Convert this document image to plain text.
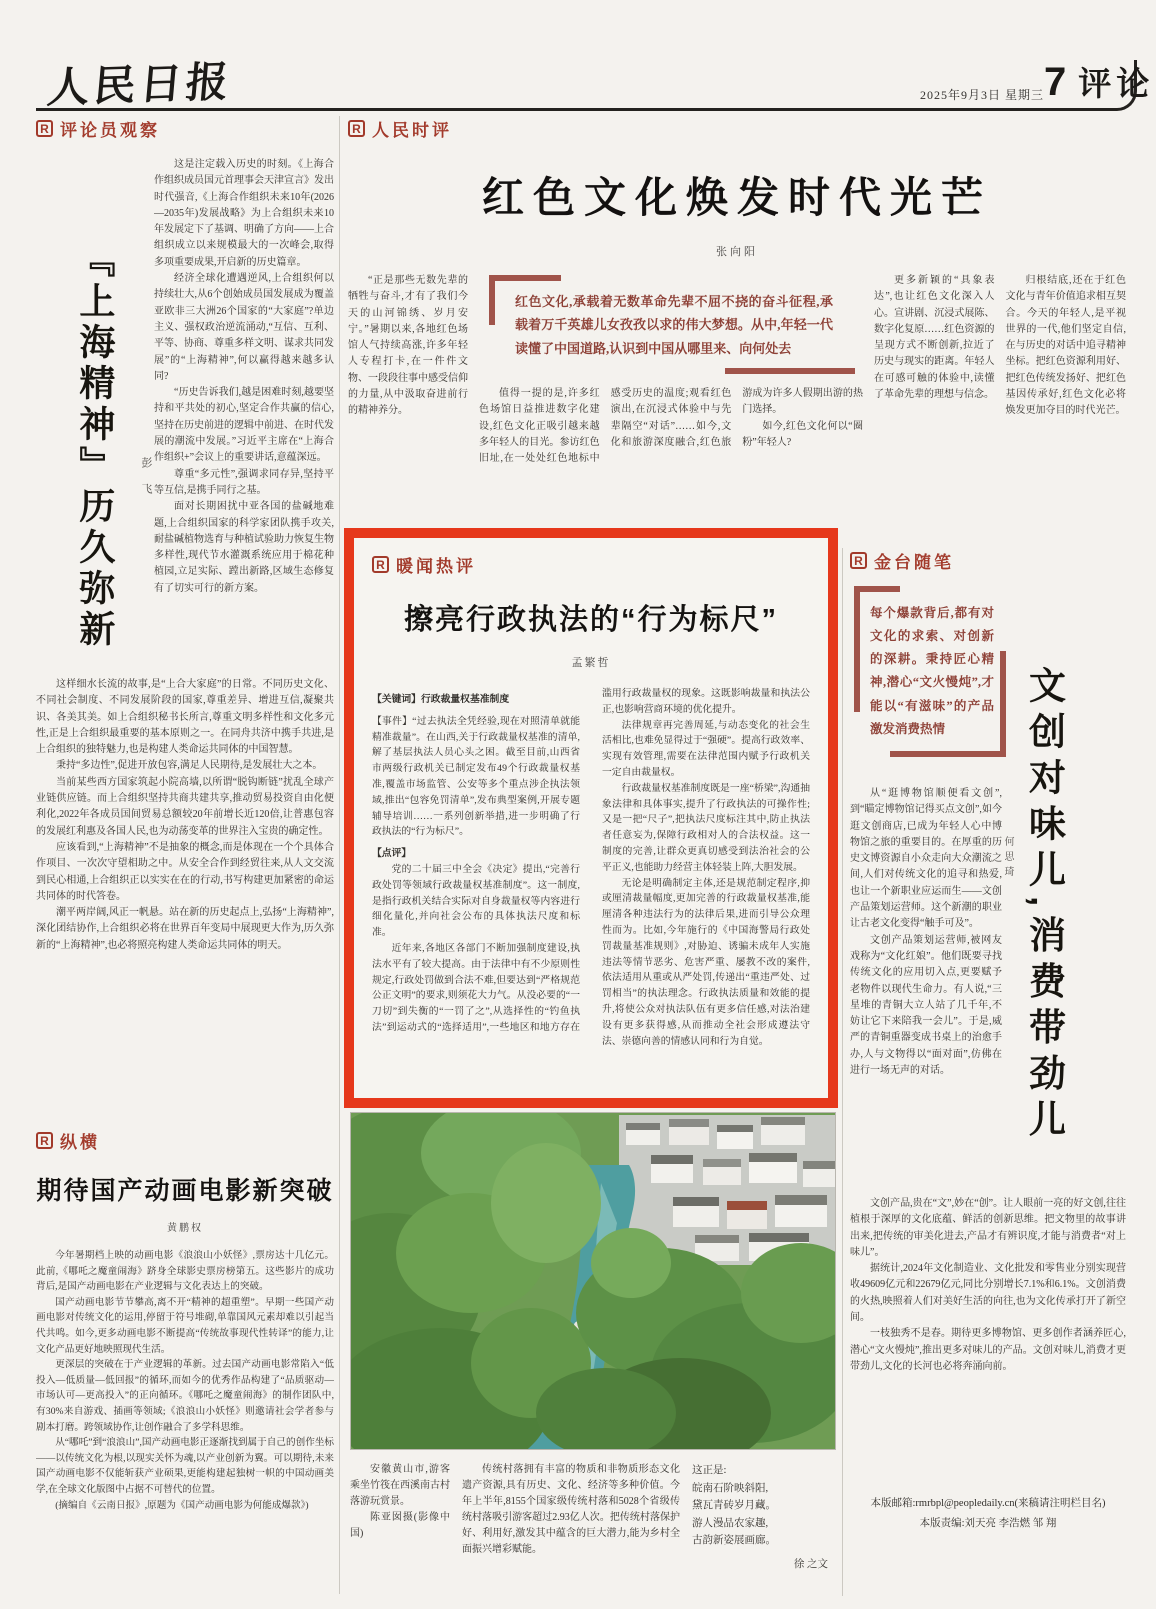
人民日报	2025年9月3日 星期三 7 评论
R 评论员观察
『上海精神』历久弥新 彭 飞

这是注定载入历史的时刻。《上海合作组织成员国元首理事会天津宣言》发出时代强音,《上海合作组织未来10年(2026—2035年)发展战略》为上合组织未来10年发展定下了基调、明确了方向——上合组织成立以来规模最大的一次峰会,取得多项重要成果,开启新的历史篇章。

经济全球化遭遇逆风,上合组织何以持续壮大,从6个创始成员国发展成为覆盖亚欧非三大洲26个国家的“大家庭”?单边主义、强权政治逆流涌动,“互信、互利、平等、协商、尊重多样文明、谋求共同发展”的“上海精神”,何以赢得越来越多认同?

“历史告诉我们,越是困难时刻,越要坚持和平共处的初心,坚定合作共赢的信心,坚持在历史前进的逻辑中前进、在时代发展的潮流中发展。”习近平主席在“上海合作组织+”会议上的重要讲话,意蕴深远。

尊重“多元性”,强调求同存异,坚持平等互信,是携手同行之基。

面对长期困扰中亚各国的盐碱地难题,上合组织国家的科学家团队携手攻关,耐盐碱植物选育与种植试验助力恢复生物多样性,现代节水灌溉系统应用于棉花种植园,立足实际、蹚出新路,区域生态修复有了切实可行的新方案。

这样细水长流的故事,是“上合大家庭”的日常。不同历史文化、不同社会制度、不同发展阶段的国家,尊重差异、增进互信,凝聚共识、各美其美。如上合组织秘书长所言,尊重文明多样性和文化多元性,正是上合组织最重要的基本原则之一。在同舟共济中携手共进,是上合组织的独特魅力,也是构建人类命运共同体的中国智慧。

秉持“多边性”,促进开放包容,满足人民期待,是发展壮大之本。

当前某些西方国家筑起小院高墙,以所谓“脱钩断链”扰乱全球产业链供应链。而上合组织坚持共商共建共享,推动贸易投资自由化便利化,2022年各成员国间贸易总额较20年前增长近120倍,让普惠包容的发展红利惠及各国人民,也为动荡变革的世界注入宝贵的确定性。

应该看到,“上海精神”不是抽象的概念,而是体现在一个个具体合作项目、一次次守望相助之中。从安全合作到经贸往来,从人文交流到民心相通,上合组织正以实实在在的行动,书写构建更加紧密的命运共同体的时代答卷。

潮平两岸阔,风正一帆悬。站在新的历史起点上,弘扬“上海精神”,深化团结协作,上合组织必将在世界百年变局中展现更大作为,历久弥新的“上海精神”,也必将照亮构建人类命运共同体的明天。

R 人民时评
红色文化焕发时代光芒
张向阳

“正是那些无数先辈的牺牲与奋斗,才有了我们今天的山河锦绣、岁月安宁。”暑期以来,各地红色场馆人气持续高涨,许多年轻人专程打卡,在一件件文物、一段段往事中感受信仰的力量,从中汲取奋进前行的精神养分。

红色文化,承载着无数革命先辈不屈不挠的奋斗征程,承载着万千英雄儿女孜孜以求的伟大梦想。从中,年轻一代读懂了中国道路,认识到中国从哪里来、向何处去

值得一提的是,许多红色场馆日益推进数字化建设,红色文化正吸引越来越多年轻人的目光。参访红色旧址,在一处处红色地标中感受历史的温度;观看红色演出,在沉浸式体验中与先辈隔空“对话”……如今,文化和旅游深度融合,红色旅游成为许多人假期出游的热门选择。

如今,红色文化何以“圈粉”年轻人?

更多新颖的“具象表达”,也让红色文化深入人心。宣讲剧、沉浸式展陈、数字化复原……红色资源的呈现方式不断创新,拉近了历史与现实的距离。年轻人在可感可触的体验中,读懂了革命先辈的理想与信念。

归根结底,还在于红色文化与青年价值追求相互契合。今天的年轻人,是平视世界的一代,他们坚定自信,在与历史的对话中追寻精神坐标。把红色资源利用好、把红色传统发扬好、把红色基因传承好,红色文化必将焕发更加夺目的时代光芒。

R 暖闻热评
擦亮行政执法的“行为标尺”
孟繁哲

【关键词】行政裁量权基准制度

【事件】“过去执法全凭经验,现在对照清单就能精准裁量”。在山西,关于行政裁量权基准的清单,解了基层执法人员心头之困。截至目前,山西省市两级行政机关已制定发布49个行政裁量权基准,覆盖市场监管、公安等多个重点涉企执法领域,推出“包容免罚清单”,发布典型案例,开展专题辅导培训……一系列创新举措,进一步明确了行政执法的“行为标尺”。

【点评】

党的二十届三中全会《决定》提出,“完善行政处罚等领域行政裁量权基准制度”。这一制度,是指行政机关结合实际对自身裁量权等内容进行细化量化,并向社会公布的具体执法尺度和标准。

近年来,各地区各部门不断加强制度建设,执法水平有了较大提高。由于法律中有不少原则性规定,行政处罚做到合法不难,但要达到“严格规范公正文明”的要求,则须花大力气。从没必要的“一刀切”到失衡的“一罚了之”,从选择性的“钓鱼执法”到运动式的“选择适用”,一些地区和地方存在滥用行政裁量权的现象。这既影响裁量和执法公正,也影响营商环境的优化提升。

法律规章再完善周延,与动态变化的社会生活相比,也难免显得过于“强硬”。提高行政效率、实现有效管理,需要在法律范围内赋予行政机关一定自由裁量权。

行政裁量权基准制度既是一座“桥梁”,沟通抽象法律和具体事实,提升了行政执法的可操作性;又是一把“尺子”,把执法尺度标注其中,防止执法者任意妄为,保障行政相对人的合法权益。这一制度的完善,让群众更真切感受到法治社会的公平正义,也能助力经营主体轻装上阵,大胆发展。

无论是明确制定主体,还是规范制定程序,抑或厘清裁量幅度,更加完善的行政裁量权基准,能厘清各种违法行为的法律后果,进而引导公众理性而为。比如,今年施行的《中国海警局行政处罚裁量基准规则》,对胁迫、诱骗未成年人实施违法等情节恶劣、危害严重、屡教不改的案件,依法适用从重或从严处罚,传递出“重违严处、过罚相当”的执法理念。行政执法质量和效能的提升,将使公众对执法队伍有更多信任感,对法治建设有更多获得感,从而推动全社会形成遵法守法、崇德向善的情感认同和行为自觉。

R 金台随笔
每个爆款背后,都有对文化的求索、对创新的深耕。秉持匠心精神,潜心“文火慢炖”,才能以“有滋味”的产品激发消费热情

从“逛博物馆顺便看文创”,到“瞄定博物馆记得买点文创”,如今逛文创商店,已成为年轻人心中博物馆之旅的重要目的。在厚重的历史文博资源自小众走向大众潮流之间,人们对传统文化的追寻和热爱,也让一个新职业应运而生——文创产品策划运营师。这个新潮的职业让古老文化变得“触手可及”。

文创产品策划运营师,被网友戏称为“文化红娘”。他们既要寻找传统文化的应用切入点,更要赋予老物件以现代生命力。有人说,“三星堆的青铜大立人站了几千年,不妨让它下来陪我一会儿”。于是,威严的青铜重器变成书桌上的治愈手办,人与文物得以“面对面”,仿佛在进行一场无声的对话。	文创对味儿,消费带劲儿
何思琦

文创产品,贵在“文”,妙在“创”。让人眼前一亮的好文创,往往植根于深厚的文化底蕴、鲜活的创新思维。把文物里的故事讲出来,把传统的审美化进去,产品才有辨识度,才能与消费者“对上味儿”。

据统计,2024年文化制造业、文化批发和零售业分别实现营收49609亿元和22679亿元,同比分别增长7.1%和6.1%。文创消费的火热,映照着人们对美好生活的向往,也为文化传承打开了新空间。

一枝独秀不是春。期待更多博物馆、更多创作者涵养匠心,潜心“文火慢炖”,推出更多对味儿的产品。文创对味儿,消费才更带劲儿,文化的长河也必将奔涌向前。

本版邮箱:rmrbpl@peopledaily.cn(来稿请注明栏目名)

本版责编:刘天亮 李浩燃 邹 翔

R 纵横
期待国产动画电影新突破
黄鹏权

今年暑期档上映的动画电影《浪浪山小妖怪》,票房达十几亿元。此前,《哪吒之魔童闹海》跻身全球影史票房榜第五。这些影片的成功背后,是国产动画电影在产业逻辑与文化表达上的突破。

国产动画电影节节攀高,离不开“精神的超重塑”。早期一些国产动画电影对传统文化的运用,停留于符号堆砌,单靠国风元素却难以引起当代共鸣。如今,更多动画电影不断提高“传统故事现代性转译”的能力,让文化产品更好地映照现代生活。

更深层的突破在于产业逻辑的革新。过去国产动画电影常陷入“低投入—低质量—低回报”的循环,而如今的优秀作品构建了“品质驱动—市场认可—更高投入”的正向循环。《哪吒之魔童闹海》的制作团队中,有30%来自游戏、插画等领域;《浪浪山小妖怪》则邀请社会学者参与剧本打磨。跨领域协作,让创作融合了多学科思维。

从“哪吒”到“浪浪山”,国产动画电影正逐渐找到属于自己的创作坐标——以传统文化为根,以现实关怀为魂,以产业创新为翼。可以期待,未来国产动画电影不仅能斩获产业硕果,更能构建起独树一帜的中国动画美学,在全球文化版图中占据不可替代的位置。

(摘编自《云南日报》,原题为《国产动画电影为何能成爆款》)

安徽黄山市,游客乘坐竹筏在西溪南古村落游玩赏景。

陈亚囡摄(影像中国)

传统村落拥有丰富的物质和非物质形态文化遗产资源,具有历史、文化、经济等多种价值。今年上半年,8155个国家级传统村落和5028个省级传统村落吸引游客超过2.93亿人次。把传统村落保护好、利用好,激发其中蕴含的巨大潜力,能为乡村全面振兴增彩赋能。

这正是:

皖南石阶映斜阳,

黛瓦青砖岁月藏。

游人漫品农家趣,

古韵新姿展画廊。

徐 之文
